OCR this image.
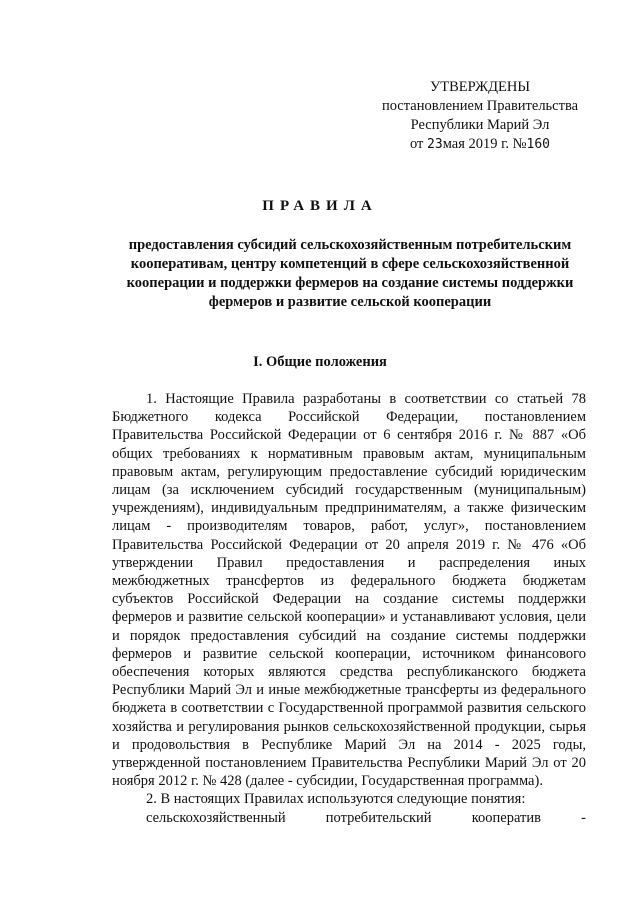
УТВЕРЖДЕНЫ
постановлением Правительства
Республики Марий Эл
от 23мая 2019 г. №160
ПРАВИЛА
предоставления субсидий сельскохозяйственным потребительским кооперативам, центру компетенций в сфере сельскохозяйственной кооперации и поддержки фермеров на создание системы поддержки фермеров и развитие сельской кооперации
I. Общие положения

1. Настоящие Правила разработаны в соответствии со статьей 78 Бюджетного кодекса Российской Федерации, постановлением Правительства Российской Федерации от 6 сентября 2016 г. № 887 «Об общих требованиях к нормативным правовым актам, муниципальным правовым актам, регулирующим предоставление субсидий юридическим лицам (за исключением субсидий государственным (муниципальным) учреждениям), индивидуальным предпринимателям, а также физическим лицам - производителям товаров, работ, услуг», постановлением Правительства Российской Федерации от 20 апреля 2019 г. № 476 «Об утверждении Правил предоставления и распределения иных межбюджетных трансфертов из федерального бюджета бюджетам субъектов Российской Федерации на создание системы поддержки фермеров и развитие сельской кооперации» и устанавливают условия, цели и порядок предоставления субсидий на создание системы поддержки фермеров и развитие сельской кооперации, источником финансового обеспечения которых являются средства республиканского бюджета Республики Марий Эл и иные межбюджетные трансферты из федерального бюджета в соответствии с Государственной программой развития сельского хозяйства и регулирования рынков сельскохозяйственной продукции, сырья и продовольствия в Республике Марий Эл на 2014 - 2025 годы, утвержденной постановлением Правительства Республики Марий Эл от 20 ноября 2012 г. № 428 (далее - субсидии, Государственная программа).

2. В настоящих Правилах используются следующие понятия:

сельскохозяйственный потребительский кооператив -
